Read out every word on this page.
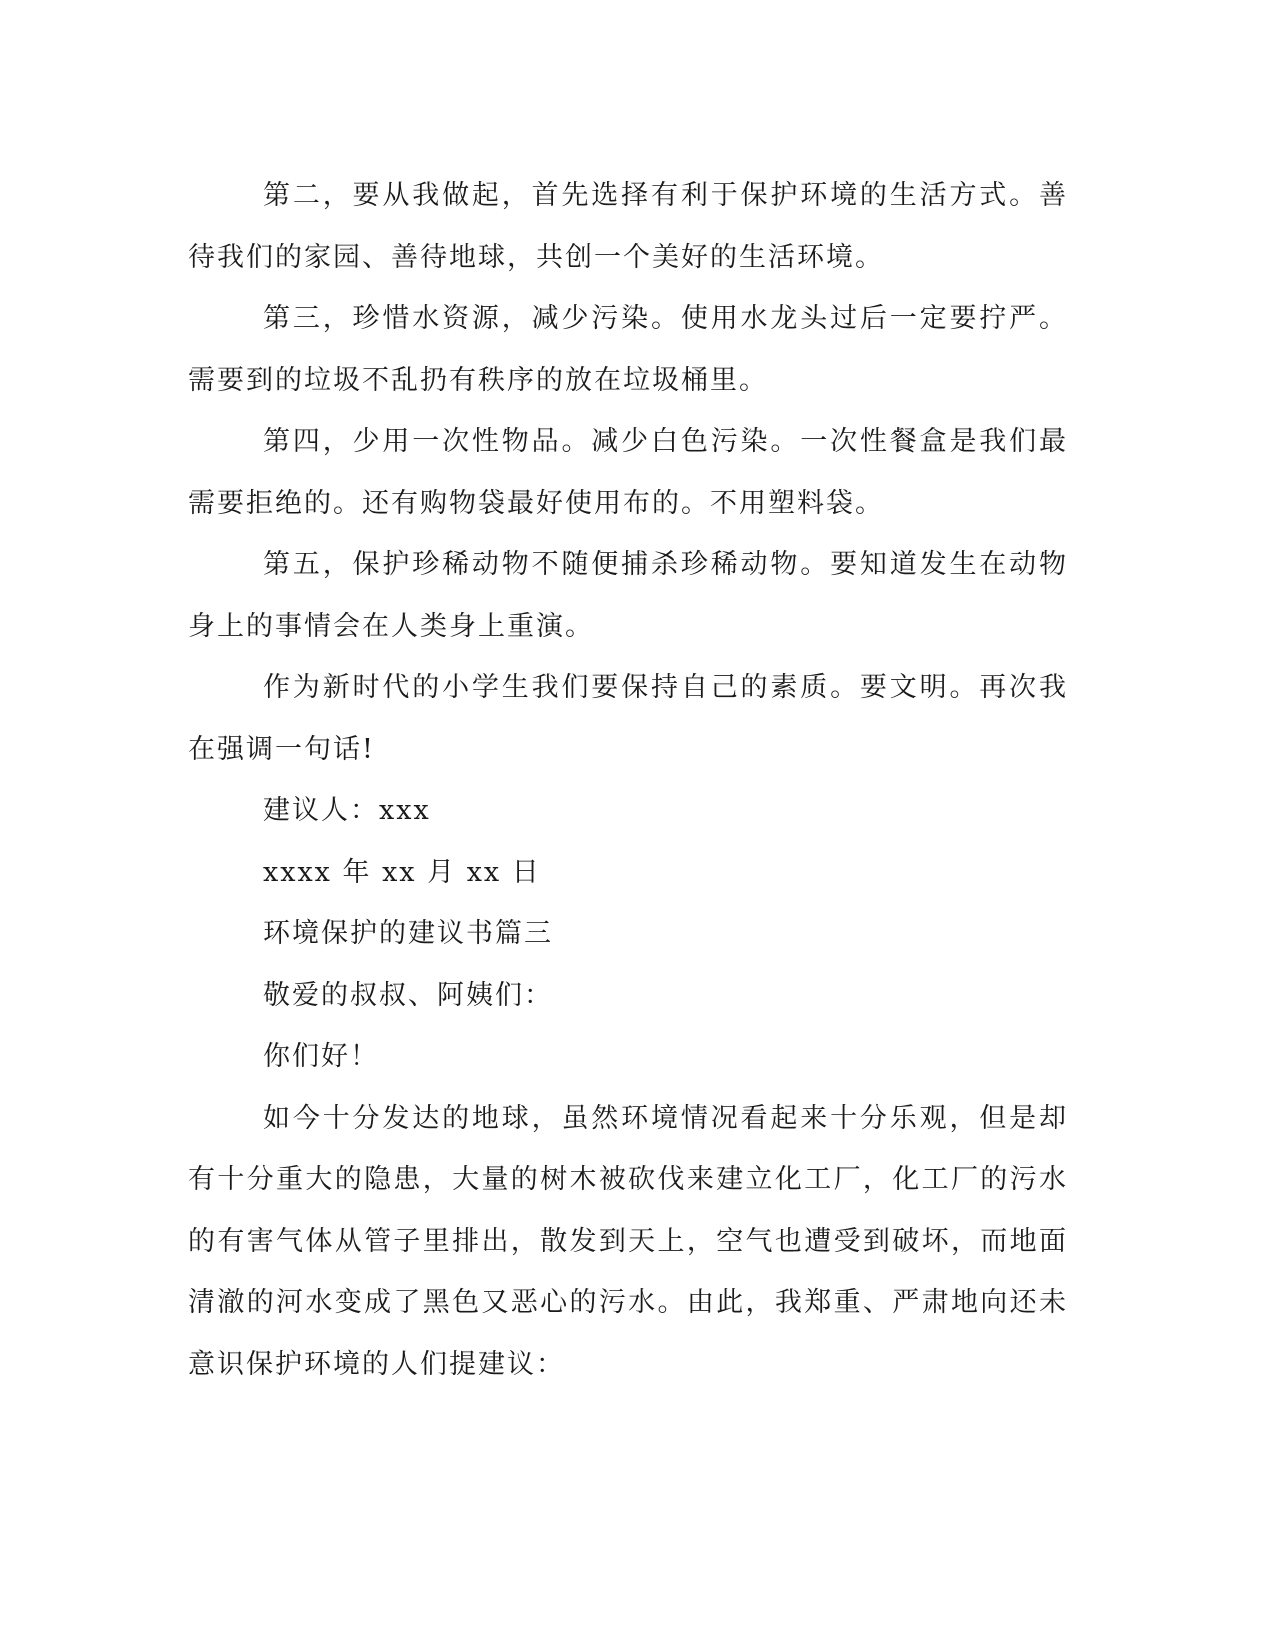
第二，要从我做起，首先选择有利于保护环境的生活方式。善待我们的家园、善待地球，共创一个美好的生活环境。

第三，珍惜水资源，减少污染。使用水龙头过后一定要拧严。需要到的垃圾不乱扔有秩序的放在垃圾桶里。

第四，少用一次性物品。减少白色污染。一次性餐盒是我们最需要拒绝的。还有购物袋最好使用布的。不用塑料袋。

第五，保护珍稀动物不随便捕杀珍稀动物。要知道发生在动物身上的事情会在人类身上重演。

作为新时代的小学生我们要保持自己的素质。要文明。再次我在强调一句话!

建议人：xxx

xxxx 年 xx 月 xx 日

环境保护的建议书篇三

敬爱的叔叔、阿姨们：

你们好！

如今十分发达的地球，虽然环境情况看起来十分乐观，但是却有十分重大的隐患，大量的树木被砍伐来建立化工厂，化工厂的污水的有害气体从管子里排出，散发到天上，空气也遭受到破坏，而地面清澈的河水变成了黑色又恶心的污水。由此，我郑重、严肃地向还未意识保护环境的人们提建议：
